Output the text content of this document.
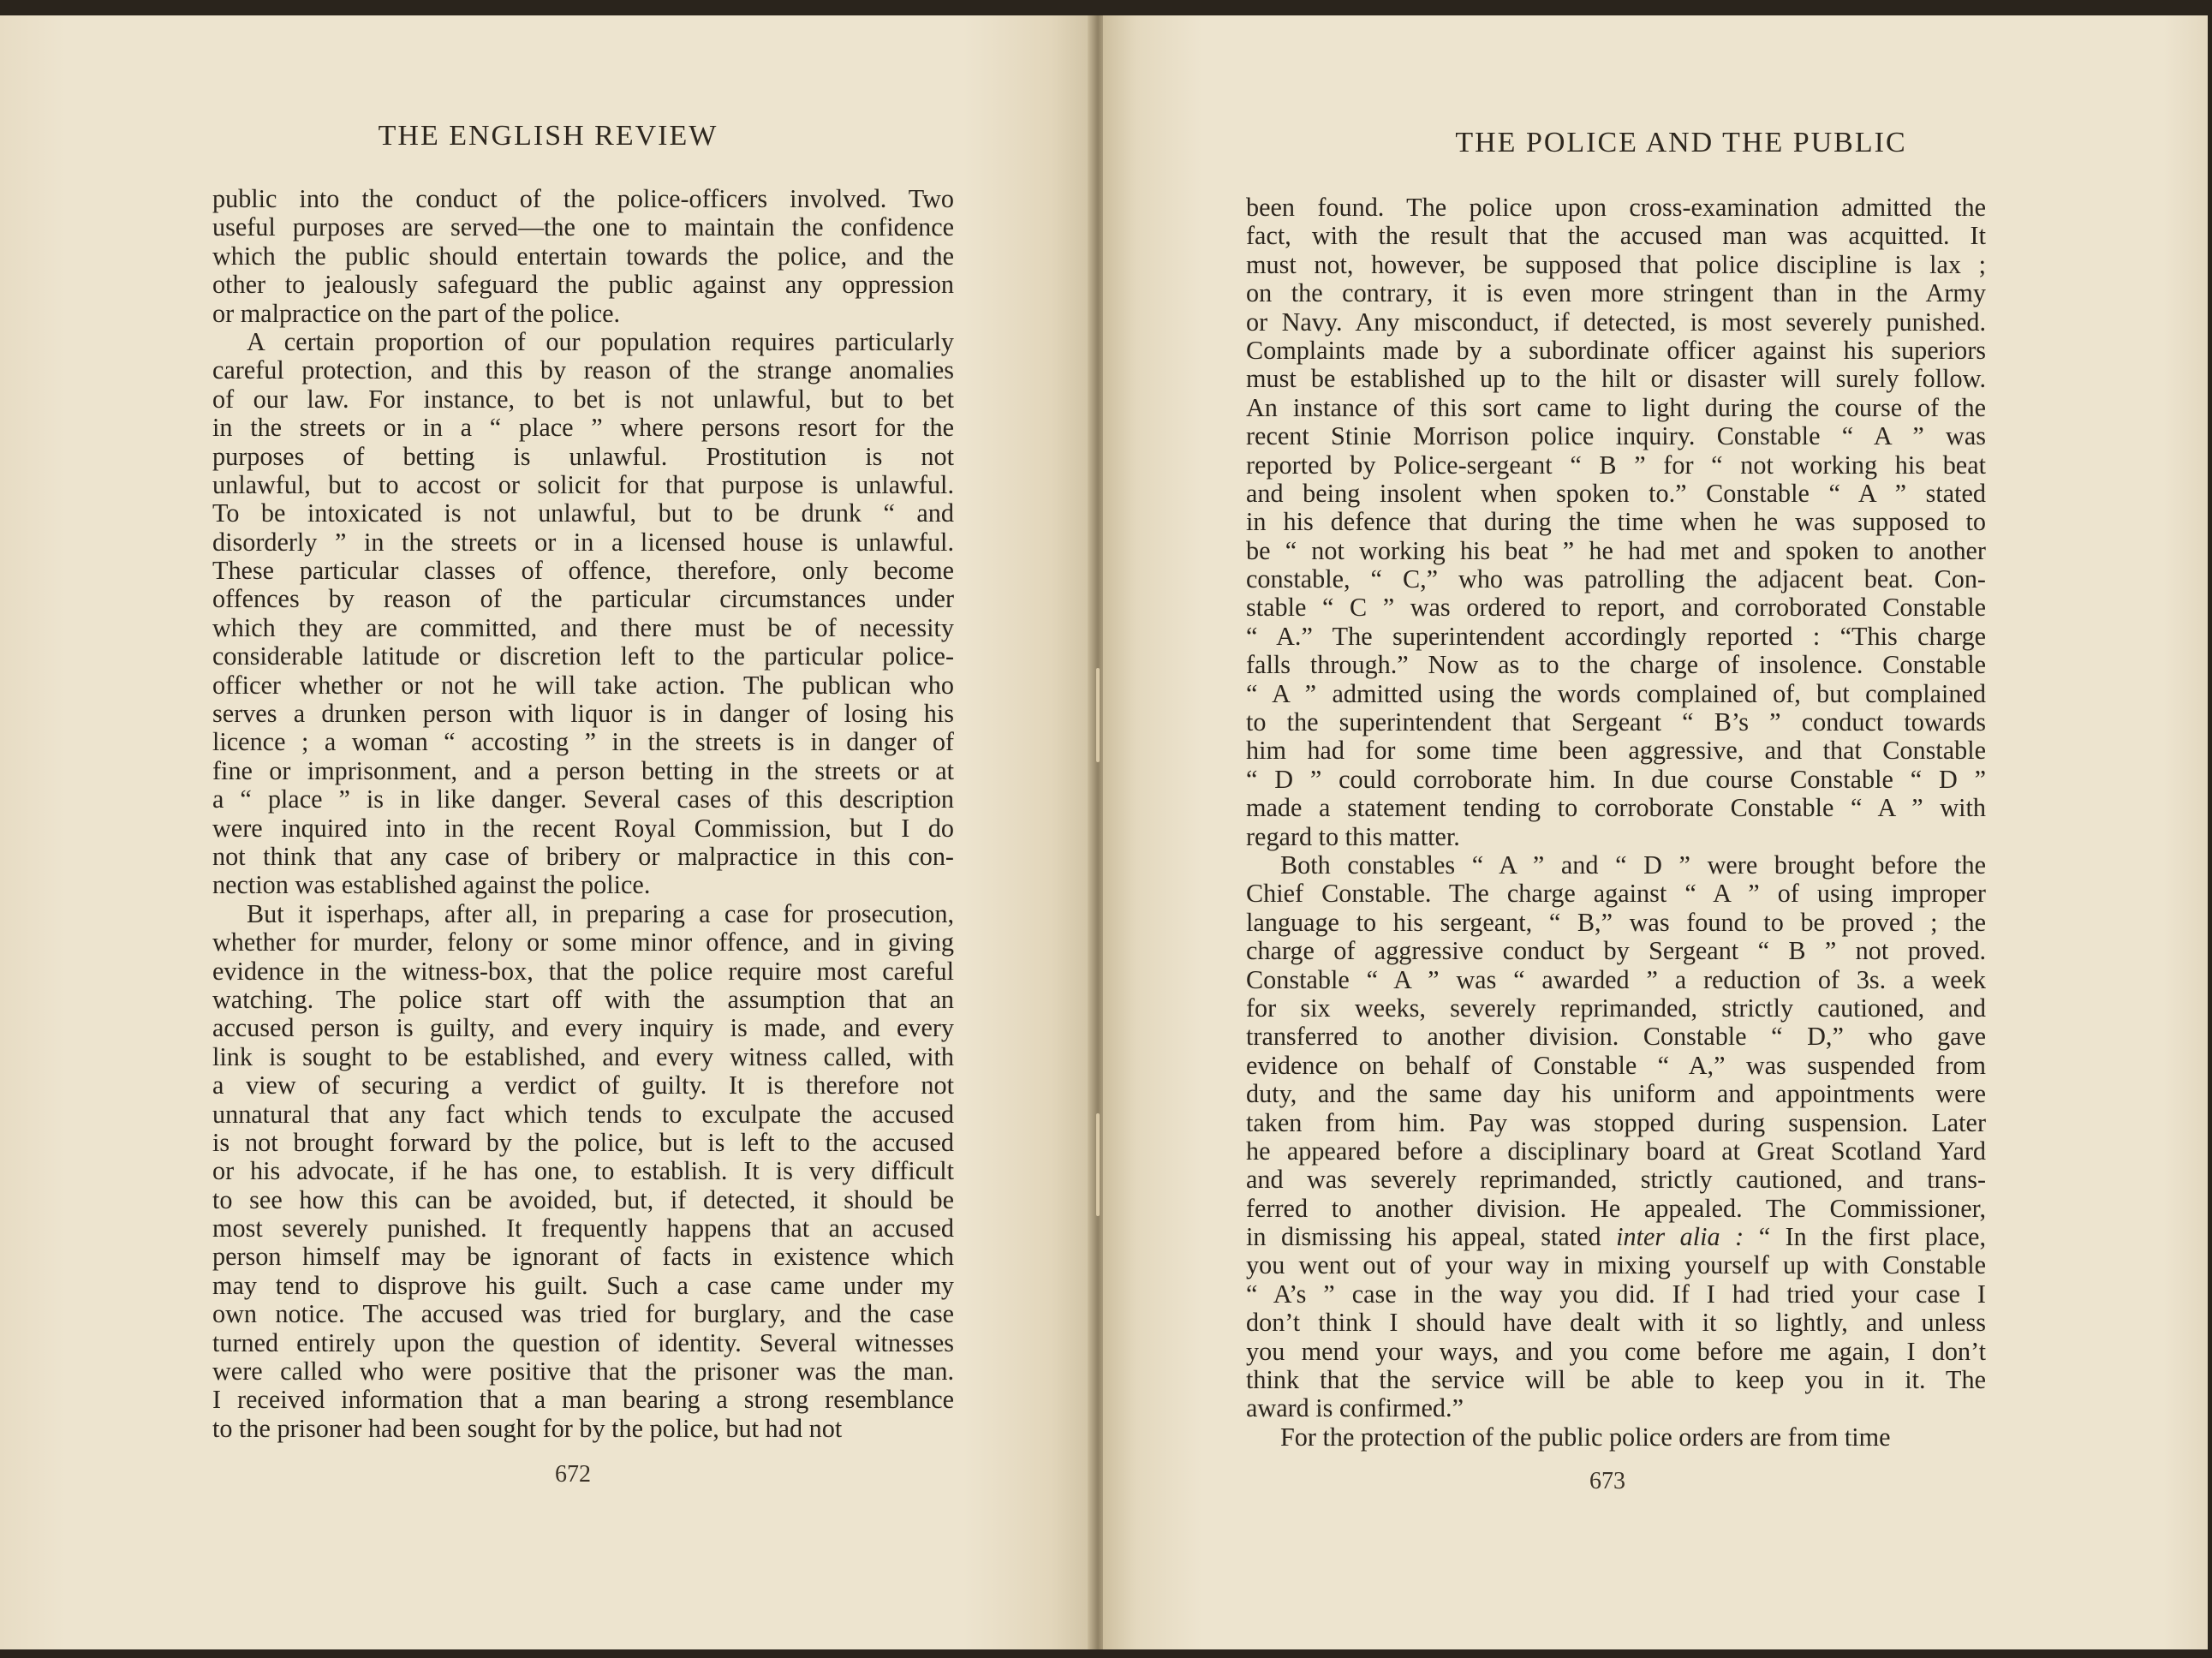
THE ENGLISH REVIEW
public into the conduct of the police-officers involved. Two
useful purposes are served—the one to maintain the confidence
which the public should entertain towards the police, and the
other to jealously safeguard the public against any oppression
or malpractice on the part of the police.
A certain proportion of our population requires particularly
careful protection, and this by reason of the strange anomalies
of our law. For instance, to bet is not unlawful, but to bet
in the streets or in a “ place ” where persons resort for the
purposes of betting is unlawful. Prostitution is not
unlawful, but to accost or solicit for that purpose is unlawful.
To be intoxicated is not unlawful, but to be drunk “ and
disorderly ” in the streets or in a licensed house is unlawful.
These particular classes of offence, therefore, only become
offences by reason of the particular circumstances under
which they are committed, and there must be of necessity
considerable latitude or discretion left to the particular police-
officer whether or not he will take action. The publican who
serves a drunken person with liquor is in danger of losing his
licence ; a woman “ accosting ” in the streets is in danger of
fine or imprisonment, and a person betting in the streets or at
a “ place ” is in like danger. Several cases of this description
were inquired into in the recent Royal Commission, but I do
not think that any case of bribery or malpractice in this con-
nection was established against the police.
But it isperhaps, after all, in preparing a case for prosecution,
whether for murder, felony or some minor offence, and in giving
evidence in the witness-box, that the police require most careful
watching. The police start off with the assumption that an
accused person is guilty, and every inquiry is made, and every
link is sought to be established, and every witness called, with
a view of securing a verdict of guilty. It is therefore not
unnatural that any fact which tends to exculpate the accused
is not brought forward by the police, but is left to the accused
or his advocate, if he has one, to establish. It is very difficult
to see how this can be avoided, but, if detected, it should be
most severely punished. It frequently happens that an accused
person himself may be ignorant of facts in existence which
may tend to disprove his guilt. Such a case came under my
own notice. The accused was tried for burglary, and the case
turned entirely upon the question of identity. Several witnesses
were called who were positive that the prisoner was the man.
I received information that a man bearing a strong resemblance
to the prisoner had been sought for by the police, but had not
672
THE POLICE AND THE PUBLIC
been found. The police upon cross-examination admitted the
fact, with the result that the accused man was acquitted. It
must not, however, be supposed that police discipline is lax ;
on the contrary, it is even more stringent than in the Army
or Navy. Any misconduct, if detected, is most severely punished.
Complaints made by a subordinate officer against his superiors
must be established up to the hilt or disaster will surely follow.
An instance of this sort came to light during the course of the
recent Stinie Morrison police inquiry. Constable “ A ” was
reported by Police-sergeant “ B ” for “ not working his beat
and being insolent when spoken to.” Constable “ A ” stated
in his defence that during the time when he was supposed to
be “ not working his beat ” he had met and spoken to another
constable, “ C,” who was patrolling the adjacent beat. Con-
stable “ C ” was ordered to report, and corroborated Constable
“ A.” The superintendent accordingly reported : “This charge
falls through.” Now as to the charge of insolence. Constable
“ A ” admitted using the words complained of, but complained
to the superintendent that Sergeant “ B’s ” conduct towards
him had for some time been aggressive, and that Constable
“ D ” could corroborate him. In due course Constable “ D ”
made a statement tending to corroborate Constable “ A ” with
regard to this matter.
Both constables “ A ” and “ D ” were brought before the
Chief Constable. The charge against “ A ” of using improper
language to his sergeant, “ B,” was found to be proved ; the
charge of aggressive conduct by Sergeant “ B ” not proved.
Constable “ A ” was “ awarded ” a reduction of 3s. a week
for six weeks, severely reprimanded, strictly cautioned, and
transferred to another division. Constable “ D,” who gave
evidence on behalf of Constable “ A,” was suspended from
duty, and the same day his uniform and appointments were
taken from him. Pay was stopped during suspension. Later
he appeared before a disciplinary board at Great Scotland Yard
and was severely reprimanded, strictly cautioned, and trans-
ferred to another division. He appealed. The Commissioner,
in dismissing his appeal, stated inter alia : “ In the first place,
you went out of your way in mixing yourself up with Constable
“ A’s ” case in the way you did. If I had tried your case I
don’t think I should have dealt with it so lightly, and unless
you mend your ways, and you come before me again, I don’t
think that the service will be able to keep you in it. The
award is confirmed.”
For the protection of the public police orders are from time
673
